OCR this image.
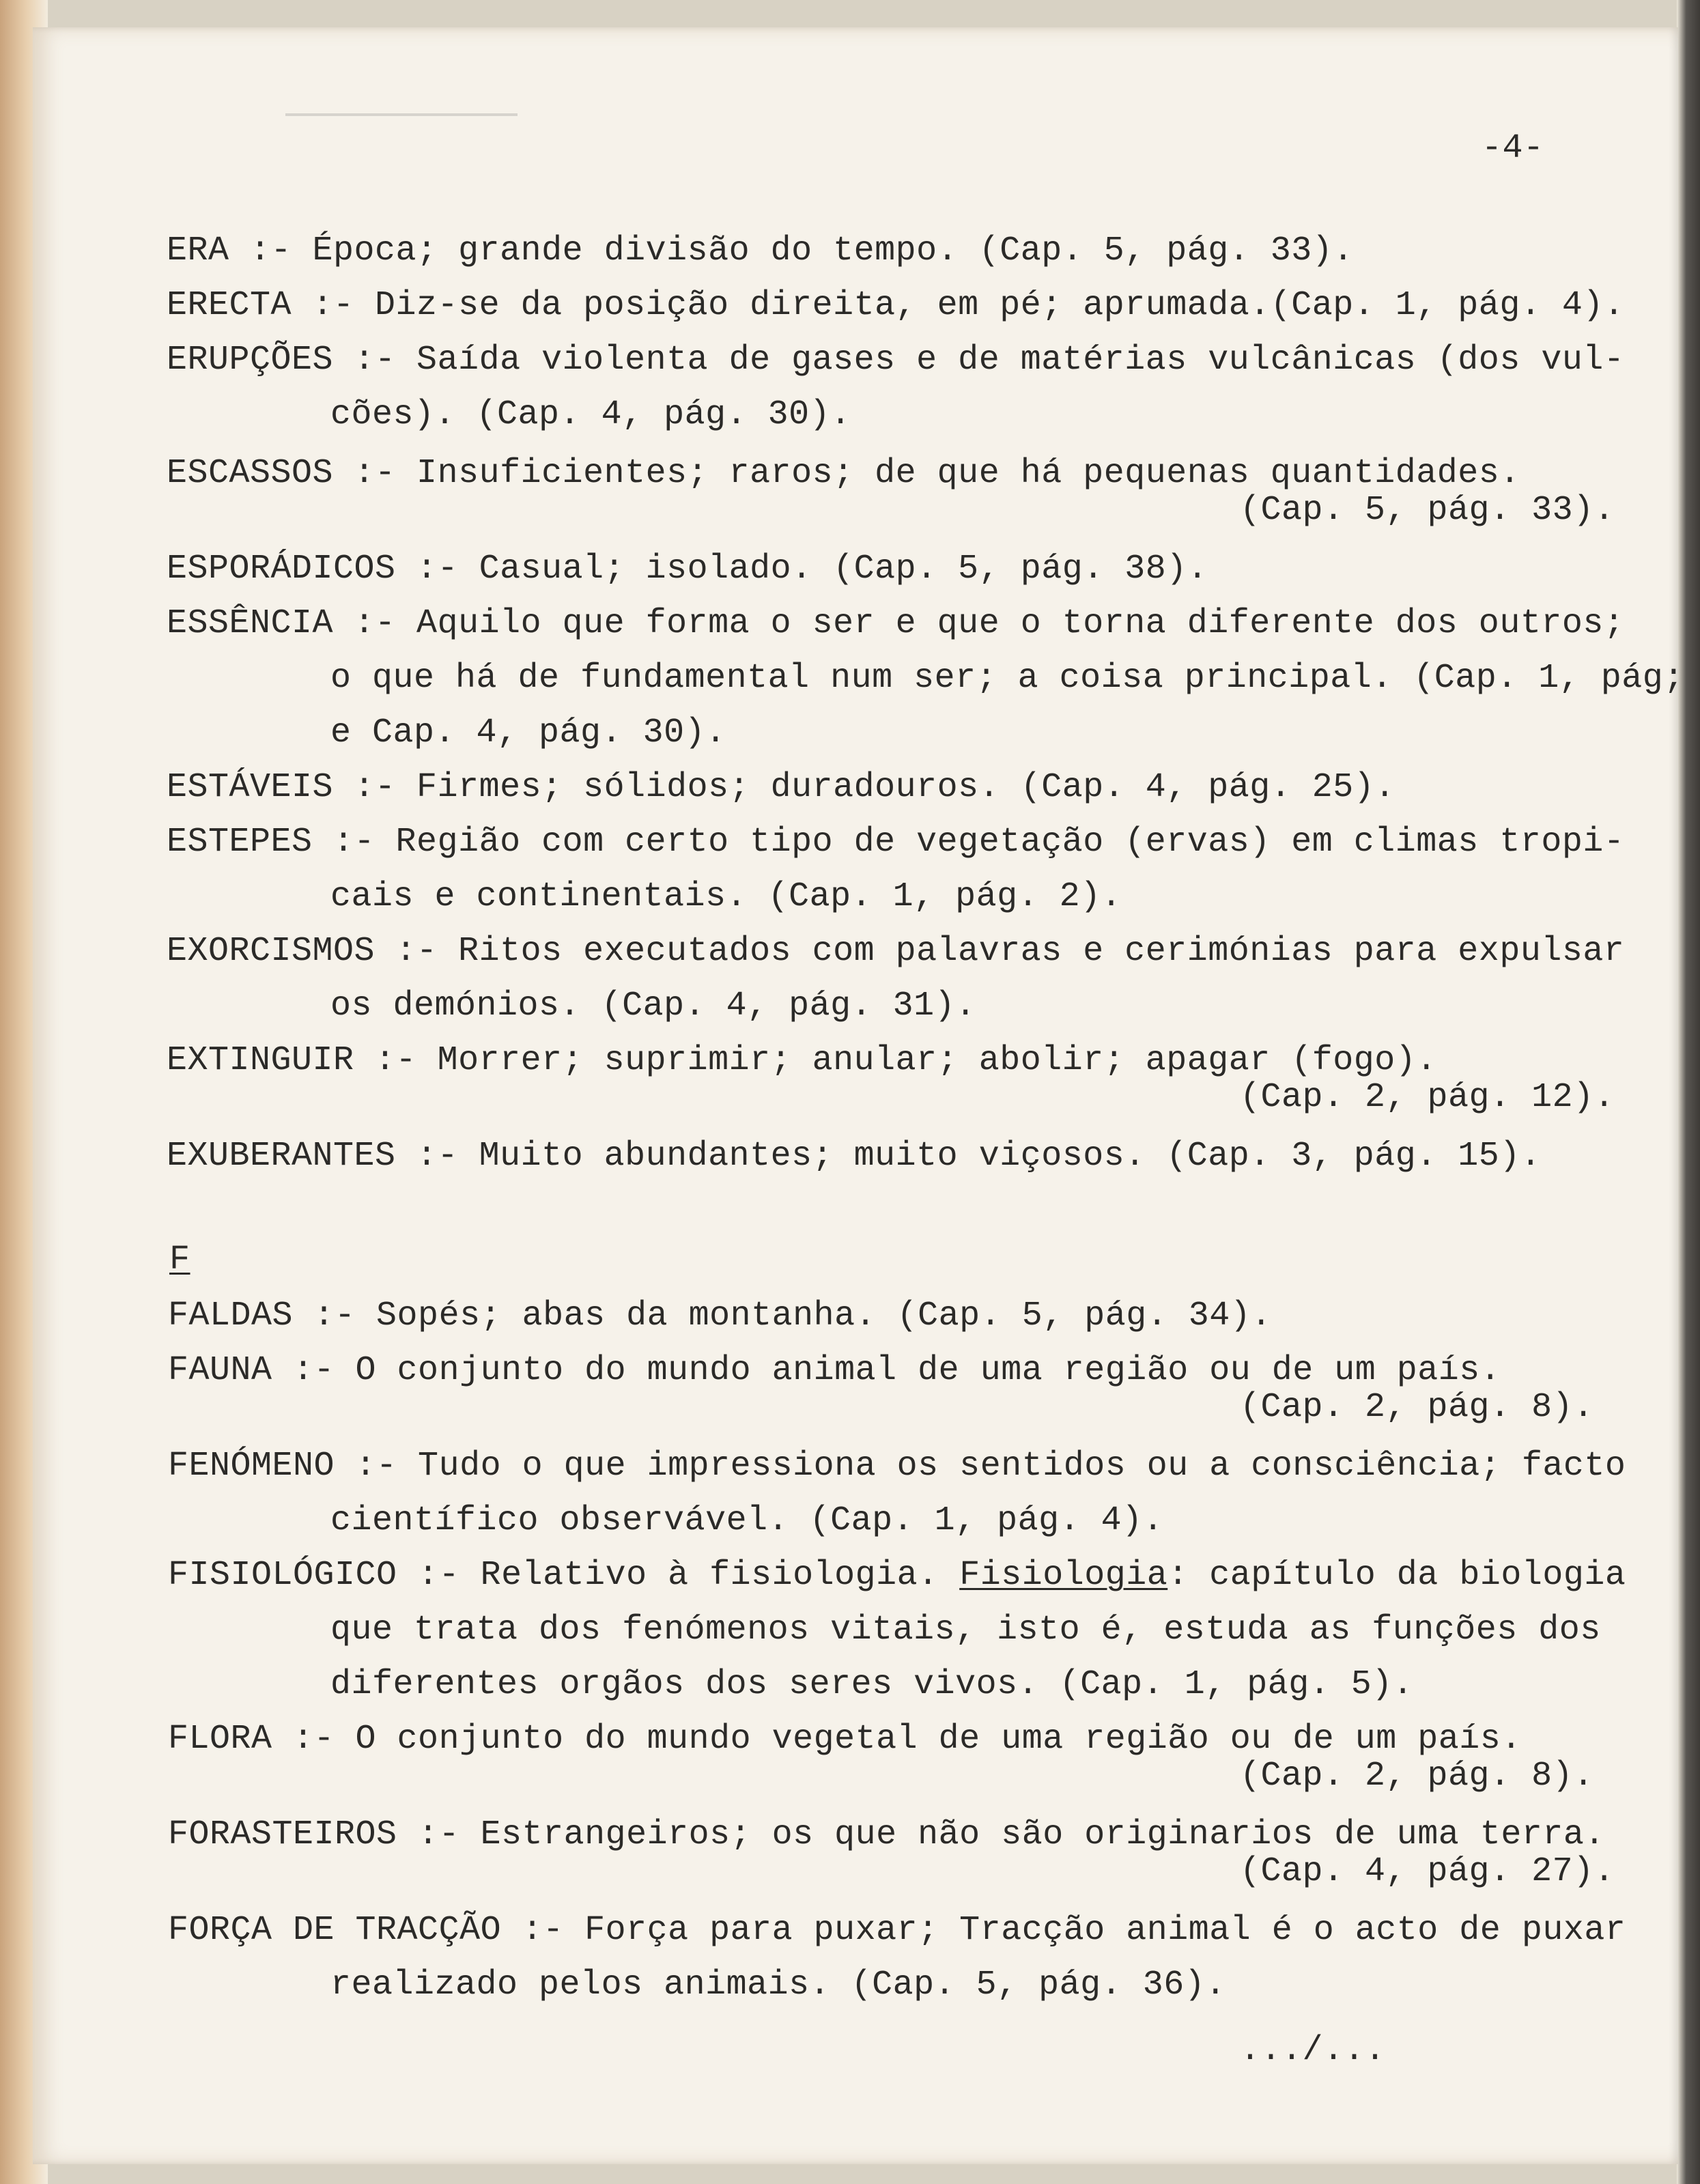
-4-
ERA :- Época; grande divisão do tempo. (Cap. 5, pág. 33).
ERECTA :- Diz-se da posição direita, em pé; aprumada.(Cap. 1, pág. 4).
ERUPÇÕES :- Saída violenta de gases e de matérias vulcânicas (dos vul-
cões). (Cap. 4, pág. 30).
ESCASSOS :- Insuficientes; raros; de que há pequenas quantidades.
(Cap. 5, pág. 33).
ESPORÁDICOS :- Casual; isolado. (Cap. 5, pág. 38).
ESSÊNCIA :- Aquilo que forma o ser e que o torna diferente dos outros;
o que há de fundamental num ser; a coisa principal. (Cap. 1, pág;
e Cap. 4, pág. 30).
ESTÁVEIS :- Firmes; sólidos; duradouros. (Cap. 4, pág. 25).
ESTEPES :- Região com certo tipo de vegetação (ervas) em climas tropi-
cais e continentais. (Cap. 1, pág. 2).
EXORCISMOS :- Ritos executados com palavras e cerimónias para expulsar
os demónios. (Cap. 4, pág. 31).
EXTINGUIR :- Morrer; suprimir; anular; abolir; apagar (fogo).
(Cap. 2, pág. 12).
EXUBERANTES :- Muito abundantes; muito viçosos. (Cap. 3, pág. 15).
F
FALDAS :- Sopés; abas da montanha. (Cap. 5, pág. 34).
FAUNA :- O conjunto do mundo animal de uma região ou de um país.
(Cap. 2, pág. 8).
FENÓMENO :- Tudo o que impressiona os sentidos ou a consciência; facto
científico observável. (Cap. 1, pág. 4).
FISIOLÓGICO :- Relativo à fisiologia. Fisiologia: capítulo da biologia
que trata dos fenómenos vitais, isto é, estuda as funções dos
diferentes orgãos dos seres vivos. (Cap. 1, pág. 5).
FLORA :- O conjunto do mundo vegetal de uma região ou de um país.
(Cap. 2, pág. 8).
FORASTEIROS :- Estrangeiros; os que não são originarios de uma terra.
(Cap. 4, pág. 27).
FORÇA DE TRACÇÃO :- Força para puxar; Tracção animal é o acto de puxar
realizado pelos animais. (Cap. 5, pág. 36).
.../...
